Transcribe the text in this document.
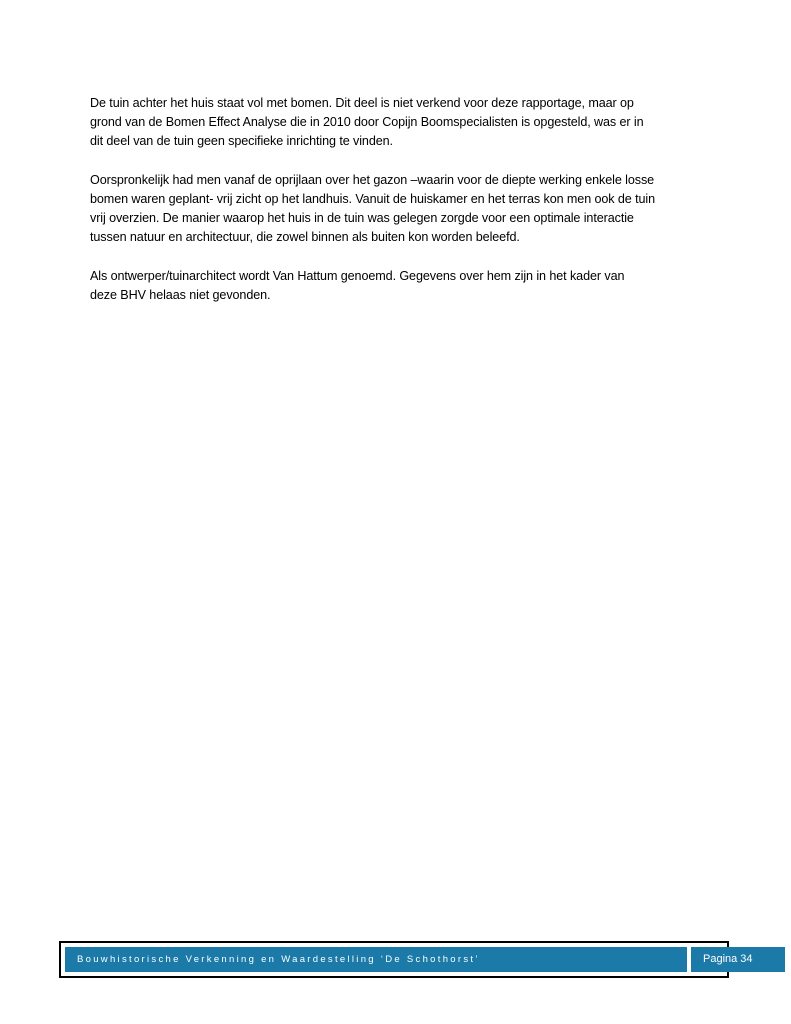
De tuin achter het huis staat vol met bomen. Dit deel is niet verkend voor deze rapportage, maar op
grond van de Bomen Effect Analyse die in 2010 door Copijn Boomspecialisten is opgesteld, was er in
dit deel van de tuin geen specifieke inrichting te vinden.

Oorspronkelijk had men vanaf de oprijlaan over het gazon –waarin voor de diepte werking enkele losse
bomen waren geplant- vrij zicht op het landhuis. Vanuit de huiskamer en het terras kon men ook de tuin
vrij overzien. De manier waarop het huis in de tuin was gelegen zorgde voor een optimale interactie
tussen natuur en architectuur, die zowel binnen als buiten kon worden beleefd.

Als ontwerper/tuinarchitect wordt Van Hattum genoemd. Gegevens over hem zijn in het kader van
deze BHV helaas niet gevonden.

Bouwhistorische Verkenning en Waardestelling ‘De Schothorst’	Pagina 34
